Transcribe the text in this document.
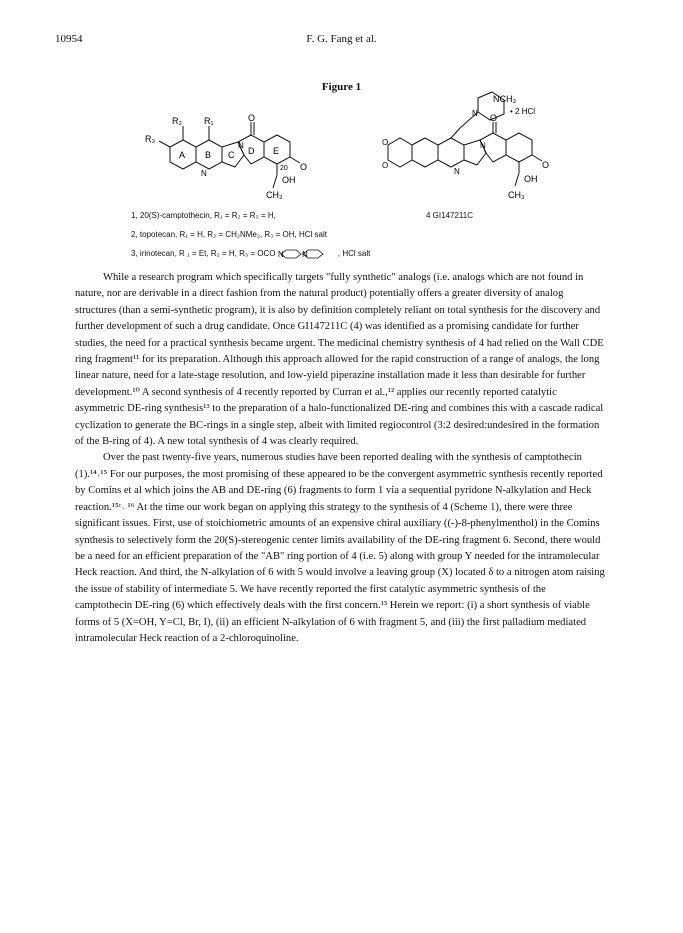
10954	F. G. Fang et al.
Figure 1
R₂ R₁
R₃
A B C D E
N
N
O
O
20
OH
CH₃
NCH₃
• 2 HCl
N
O
O
N
N
O
O
OH
CH₃
1, 20(S)-camptothecin, R₁ = R₂ = R₃ = H,
2, topotecan, R₁ = H, R₂ = CH₂NMe₂, R₃ = OH, HCl salt
3, irinotecan, R ₁ = Et, R₂ = H, R₃ = OCO N N	, HCl salt
4 GI147211C

While a research program which specifically targets "fully synthetic" analogs (i.e. analogs which are not found in nature, nor are derivable in a direct fashion from the natural product) potentially offers a greater diversity of analog structures (than a semi-synthetic program), it is also by definition completely reliant on total synthesis for the discovery and further development of such a drug candidate. Once GI147211C (4) was identified as a promising candidate for further studies, the need for a practical synthesis became urgent. The medicinal chemistry synthesis of 4 had relied on the Wall CDE ring fragment¹¹ for its preparation. Although this approach allowed for the rapid construction of a range of analogs, the long linear nature, need for a late-stage resolution, and low-yield piperazine installation made it less than desirable for further development.¹⁰ A second synthesis of 4 recently reported by Curran et al.,¹² applies our recently reported catalytic asymmetric DE-ring synthesis¹³ to the preparation of a halo-functionalized DE-ring and combines this with a cascade radical cyclization to generate the BC-rings in a single step, albeit with limited regiocontrol (3:2 desired:undesired in the formation of the B-ring of 4). A new total synthesis of 4 was clearly required.

Over the past twenty-five years, numerous studies have been reported dealing with the synthesis of camptothecin (1).¹⁴˒¹⁵ For our purposes, the most promising of these appeared to be the convergent asymmetric synthesis recently reported by Comins et al which joins the AB and DE-ring (6) fragments to form 1 via a sequential pyridone N-alkylation and Heck reaction.¹⁵ᶜ˒ ¹⁶ At the time our work began on applying this strategy to the synthesis of 4 (Scheme 1), there were three significant issues. First, use of stoichiometric amounts of an expensive chiral auxiliary ((-)-8-phenylmenthol) in the Comins synthesis to selectively form the 20(S)-stereogenic center limits availability of the DE-ring fragment 6. Second, there would be a need for an efficient preparation of the "AB" ring portion of 4 (i.e. 5) along with group Y needed for the intramolecular Heck reaction. And third, the N-alkylation of 6 with 5 would involve a leaving group (X) located δ to a nitrogen atom raising the issue of stability of intermediate 5. We have recently reported the first catalytic asymmetric synthesis of the camptothecin DE-ring (6) which effectively deals with the first concern.¹³ Herein we report: (i) a short synthesis of viable forms of 5 (X=OH, Y=Cl, Br, I), (ii) an efficient N-alkylation of 6 with fragment 5, and (iii) the first palladium mediated intramolecular Heck reaction of a 2-chloroquinoline.
